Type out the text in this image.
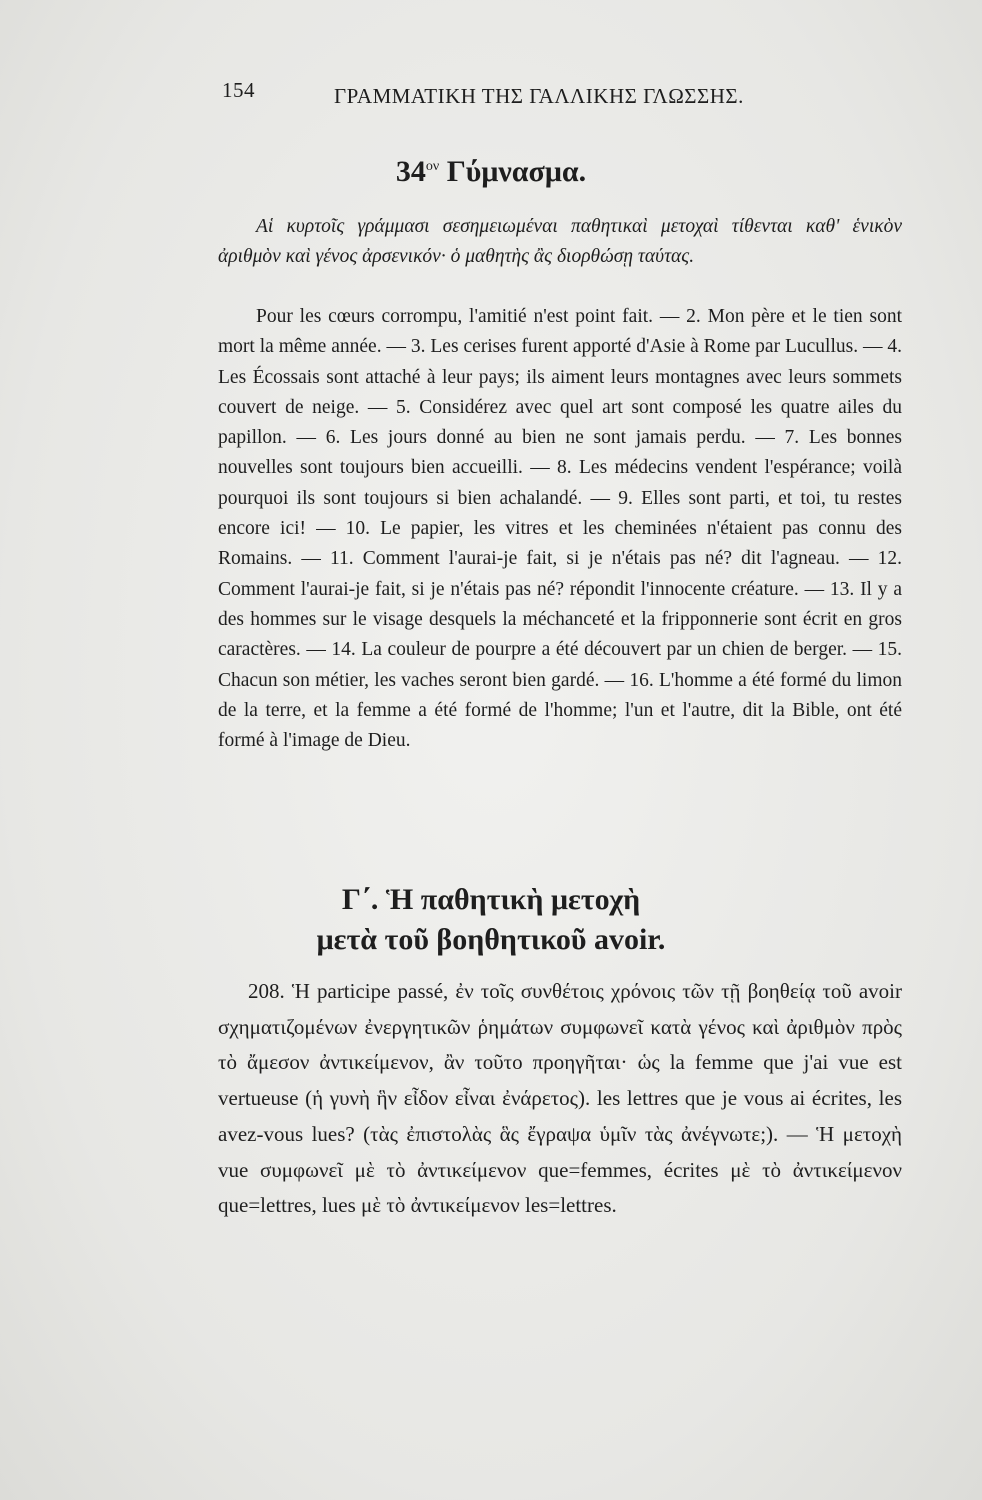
154	ΓΡΑΜΜΑΤΙΚΗ ΤΗΣ ΓΑΛΛΙΚΗΣ ΓΛΩΣΣΗΣ.
$34^{o\nu}$ Γύμνασμα.

Αἱ κυρτοῖς γράμμασι σεσημειωμέναι παθητικαὶ μετοχαὶ τίθενται καθ' ἑνικὸν ἀριθμὸν καὶ γένος ἀρσενικόν· ὁ μαθητὴς ἂς διορθώσῃ ταύτας.

Pour les cœurs corrompu, l'amitié n'est point fait. — 2. Mon père et le tien sont mort la même année. — 3. Les cerises furent apporté d'Asie à Rome par Lucullus. — 4. Les Écossais sont attaché à leur pays; ils aiment leurs montagnes avec leurs sommets couvert de neige. — 5. Considérez avec quel art sont composé les quatre ailes du papillon. — 6. Les jours donné au bien ne sont jamais perdu. — 7. Les bonnes nouvelles sont toujours bien accueilli. — 8. Les médecins vendent l'espérance; voilà pourquoi ils sont toujours si bien achalandé. — 9. Elles sont parti, et toi, tu restes encore ici! — 10. Le papier, les vitres et les cheminées n'étaient pas connu des Romains. — 11. Comment l'aurai-je fait, si je n'étais pas né? dit l'agneau. — 12. Comment l'aurai-je fait, si je n'étais pas né? répondit l'innocente créature. — 13. Il y a des hommes sur le visage desquels la méchanceté et la fripponnerie sont écrit en gros caractères. — 14. La couleur de pourpre a été découvert par un chien de berger. — 15. Chacun son métier, les vaches seront bien gardé. — 16. L'homme a été formé du limon de la terre, et la femme a été formé de l'homme; l'un et l'autre, dit la Bible, ont été formé à l'image de Dieu.

Γ΄. Ἡ παθητικὴ μετοχὴ
μετὰ τοῦ βοηθητικοῦ avoir.

208. Ἡ participe passé, ἐν τοῖς συνθέτοις χρόνοις τῶν τῇ βοηθείᾳ τοῦ avoir σχηματιζομένων ἐνεργητικῶν ῥημάτων συμφωνεῖ κατὰ γένος καὶ ἀριθμὸν πρὸς τὸ ἄμεσον ἀντικείμενον, ἂν τοῦτο προηγῆται· ὡς la femme que j'ai vue est vertueuse (ἡ γυνὴ ἣν εἶδον εἶναι ἐνάρετος). les lettres que je vous ai écrites, les avez-vous lues? (τὰς ἐπιστολὰς ἃς ἔγραψα ὑμῖν τὰς ἀνέγνωτε;). — Ἡ μετοχὴ vue συμφωνεῖ μὲ τὸ ἀντικείμενον que=femmes, écrites μὲ τὸ ἀντικείμενον que=lettres, lues μὲ τὸ ἀντικείμενον les=lettres.
